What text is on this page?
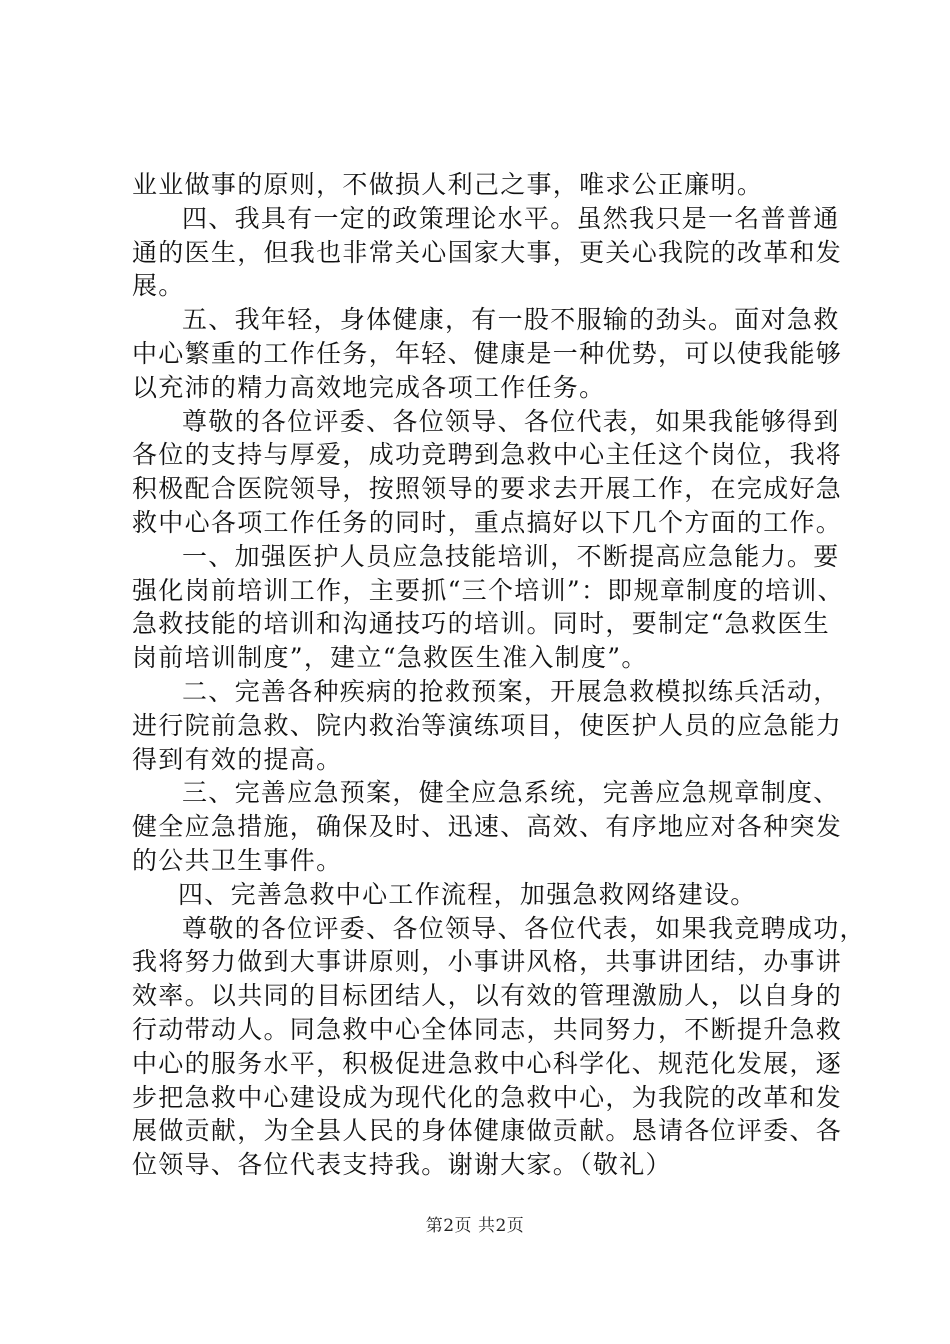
业业做事的原则，不做损人利己之事，唯求公正廉明。
四、我具有一定的政策理论水平。虽然我只是一名普普通
通的医生，但我也非常关心国家大事，更关心我院的改革和发
展。
五、我年轻，身体健康，有一股不服输的劲头。面对急救
中心繁重的工作任务，年轻、健康是一种优势，可以使我能够
以充沛的精力高效地完成各项工作任务。
尊敬的各位评委、各位领导、各位代表，如果我能够得到
各位的支持与厚爱，成功竞聘到急救中心主任这个岗位，我将
积极配合医院领导，按照领导的要求去开展工作，在完成好急
救中心各项工作任务的同时，重点搞好以下几个方面的工作。
一、加强医护人员应急技能培训，不断提高应急能力。要
强化岗前培训工作，主要抓“三个培训”：即规章制度的培训、
急救技能的培训和沟通技巧的培训。同时，要制定“急救医生
岗前培训制度”，建立“急救医生准入制度”。
二、完善各种疾病的抢救预案，开展急救模拟练兵活动，
进行院前急救、院内救治等演练项目，使医护人员的应急能力
得到有效的提高。
三、完善应急预案，健全应急系统，完善应急规章制度、
健全应急措施，确保及时、迅速、高效、有序地应对各种突发
的公共卫生事件。
四、完善急救中心工作流程，加强急救网络建设。
尊敬的各位评委、各位领导、各位代表，如果我竞聘成功，
我将努力做到大事讲原则，小事讲风格，共事讲团结，办事讲
效率。以共同的目标团结人，以有效的管理激励人，以自身的
行动带动人。同急救中心全体同志，共同努力，不断提升急救
中心的服务水平，积极促进急救中心科学化、规范化发展，逐
步把急救中心建设成为现代化的急救中心，为我院的改革和发
展做贡献，为全县人民的身体健康做贡献。恳请各位评委、各
位领导、各位代表支持我。谢谢大家。（敬礼）
第2页 共2页
